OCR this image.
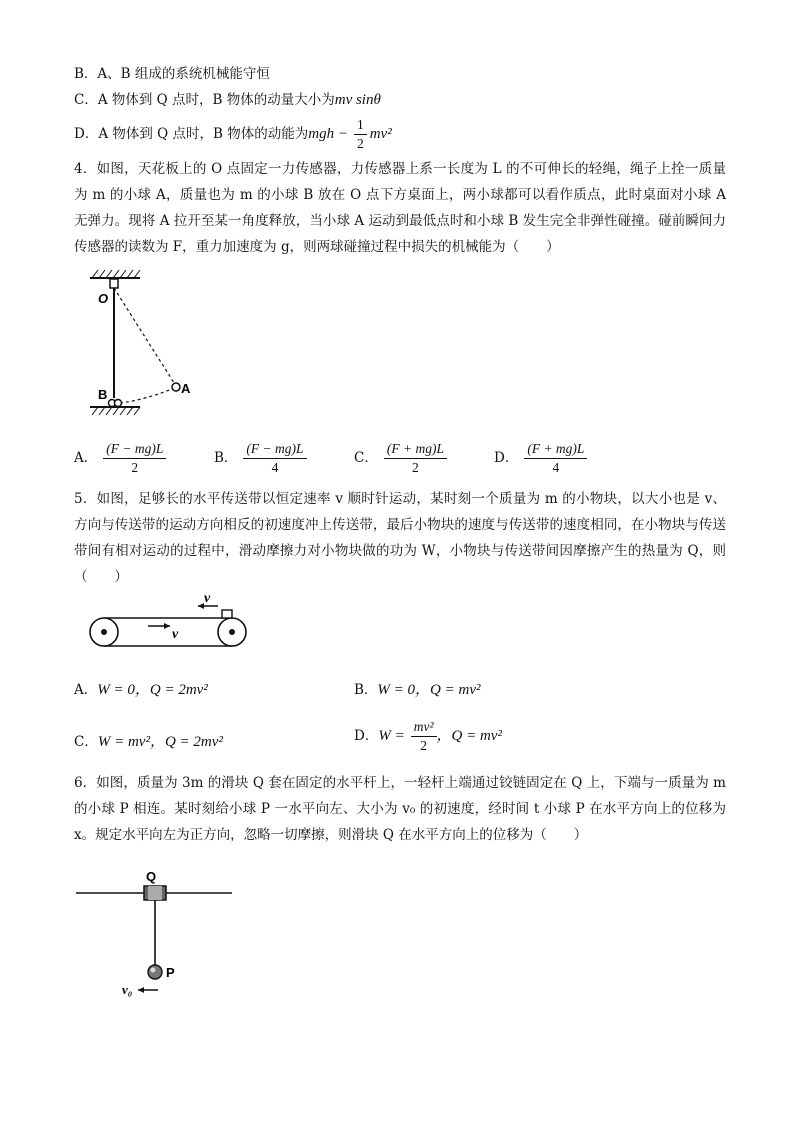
B．A、B 组成的系统机械能守恒
C．A 物体到 Q 点时，B 物体的动量大小为mv sinθ
D．A 物体到 Q 点时，B 物体的动能为mgh − $\frac{1}{2} mv^2$
4．如图，天花板上的 O 点固定一力传感器，力传感器上系一长度为 L 的不可伸长的轻绳，绳子上拴一质量为 m 的小球 A，质量也为 m 的小球 B 放在 O 点下方桌面上，两小球都可以看作质点，此时桌面对小球 A 无弹力。现将 A 拉开至某一角度释放，当小球 A 运动到最低点时和小球 B 发生完全非弹性碰撞。碰前瞬间力传感器的读数为 F，重力加速度为 g，则两球碰撞过程中损失的机械能为（　　）
O
A
B
A． $\frac{(F - mg)L}{2}$	B． $\frac{(F - mg)L}{4}$	C． $\frac{(F + mg)L}{2}$	D． $\frac{(F + mg)L}{4}$
5．如图，足够长的水平传送带以恒定速率 v 顺时针运动，某时刻一个质量为 m 的小物块，以大小也是 v、方向与传送带的运动方向相反的初速度冲上传送带，最后小物块的速度与传送带的速度相同，在小物块与传送带间有相对运动的过程中，滑动摩擦力对小物块做的功为 W，小物块与传送带间因摩擦产生的热量为 Q，则（　　）
v
v
A．W = 0，Q = 2mv²	B．W = 0，Q = mv²
C．W = mv²，Q = 2mv²	D．$W = \frac{\text{mv²}}{2}$ ，Q = mv²
6．如图，质量为 3m 的滑块 Q 套在固定的水平杆上，一轻杆上端通过铰链固定在 Q 上，下端与一质量为 m 的小球 P 相连。某时刻给小球 P 一水平向左、大小为 v₀ 的初速度，经时间 t 小球 P 在水平方向上的位移为 x。规定水平向左为正方向，忽略一切摩擦，则滑块 Q 在水平方向上的位移为（　　）
Q
P
v₀
